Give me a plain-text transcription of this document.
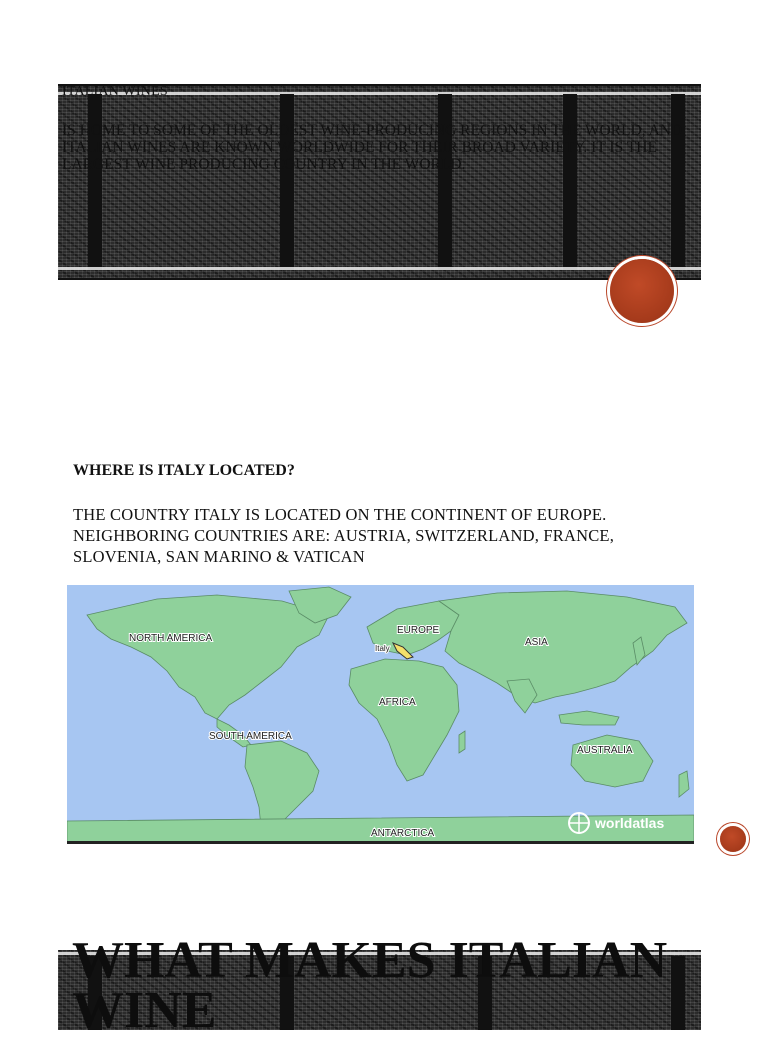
ITALIAN WINES
IS HOME TO SOME OF THE OLDEST WINE-PRODUCING REGIONS IN THE WORLD, AND ITALIAN WINES ARE KNOWN WORLDWIDE FOR THEIR BROAD VARIETY. IT IS THE LARGEST WINE PRODUCING COUNTRY IN THE WORLD.
WHERE IS ITALY LOCATED?
THE COUNTRY ITALY IS LOCATED ON THE CONTINENT OF EUROPE. NEIGHBORING COUNTRIES ARE: AUSTRIA, SWITZERLAND, FRANCE, SLOVENIA, SAN MARINO & VATICAN
NORTH AMERICA
EUROPE
Italy
ASIA
AFRICA
SOUTH AMERICA
AUSTRALIA
ANTARCTICA
worldatlas
WHAT MAKES ITALIAN WINE
